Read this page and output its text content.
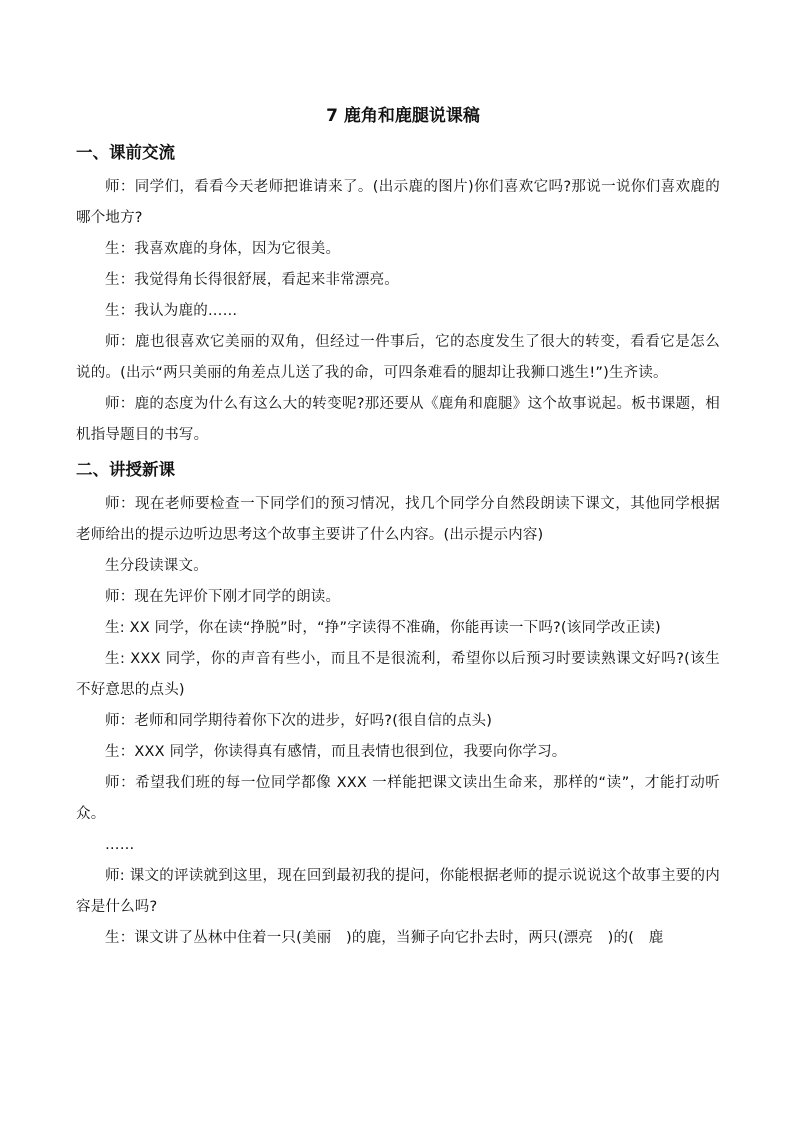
7 鹿角和鹿腿说课稿
一、课前交流

师：同学们，看看今天老师把谁请来了。(出示鹿的图片)你们喜欢它吗?那说一说你们喜欢鹿的哪个地方?

生：我喜欢鹿的身体，因为它很美。

生：我觉得角长得很舒展，看起来非常漂亮。

生：我认为鹿的……

师：鹿也很喜欢它美丽的双角，但经过一件事后，它的态度发生了很大的转变，看看它是怎么说的。(出示“两只美丽的角差点儿送了我的命，可四条难看的腿却让我狮口逃生!”)生齐读。

师：鹿的态度为什么有这么大的转变呢?那还要从《鹿角和鹿腿》这个故事说起。板书课题，相机指导题目的书写。

二、讲授新课

师：现在老师要检查一下同学们的预习情况，找几个同学分自然段朗读下课文，其他同学根据老师给出的提示边听边思考这个故事主要讲了什么内容。(出示提示内容)

生分段读课文。

师：现在先评价下刚才同学的朗读。

生: XX 同学，你在读“挣脱”时，“挣”字读得不准确，你能再读一下吗?(该同学改正读)

生: XXX 同学，你的声音有些小，而且不是很流利，希望你以后预习时要读熟课文好吗?(该生不好意思的点头)

师：老师和同学期待着你下次的进步，好吗?(很自信的点头)

生：XXX 同学，你读得真有感情，而且表情也很到位，我要向你学习。

师：希望我们班的每一位同学都像 XXX 一样能把课文读出生命来，那样的“读”，才能打动听众。

……

师: 课文的评读就到这里，现在回到最初我的提问，你能根据老师的提示说说这个故事主要的内容是什么吗?

生：课文讲了丛林中住着一只(美丽　)的鹿，当狮子向它扑去时，两只(漂亮　)的(　鹿
